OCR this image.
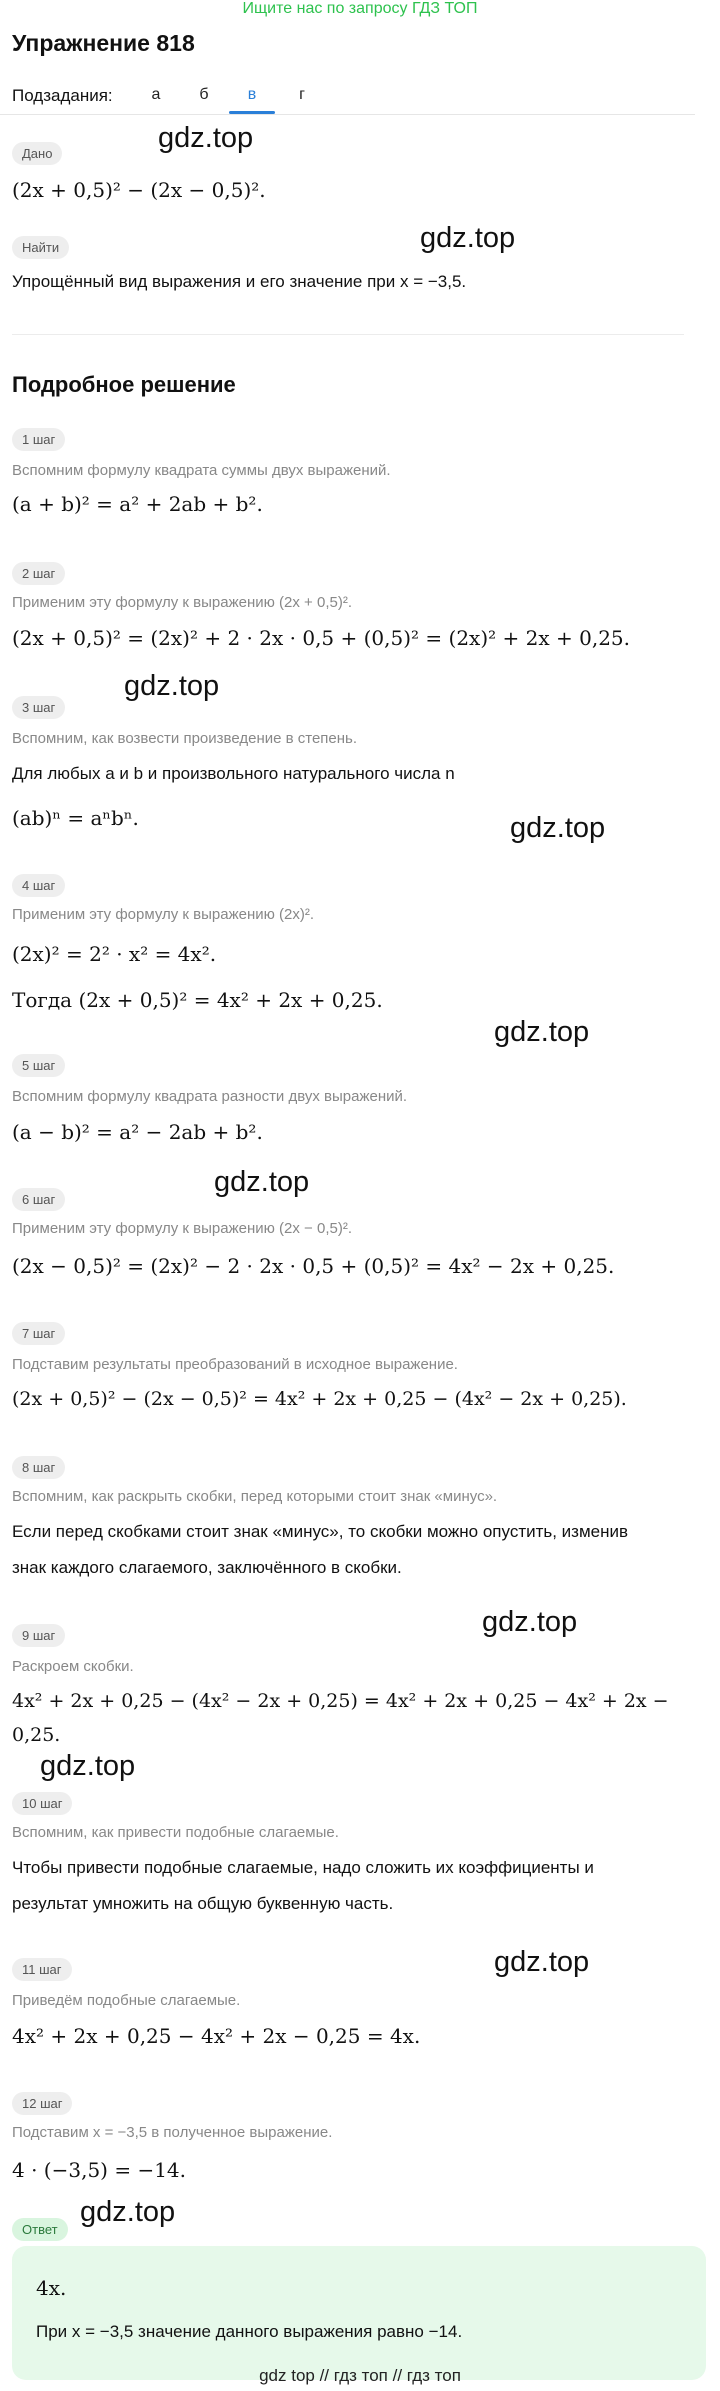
Ищите нас по запросу ГДЗ ТОП
Упражнение 818
Подзадания:	а	б	в	г
Дано
(2x + 0,5)² − (2x − 0,5)².
Найти
Упрощённый вид выражения и его значение при x = −3,5.
Подробное решение
1 шаг
Вспомним формулу квадрата суммы двух выражений.
(a + b)² = a² + 2ab + b².
2 шаг
Применим эту формулу к выражению (2x + 0,5)².
(2x + 0,5)² = (2x)² + 2 · 2x · 0,5 + (0,5)² = (2x)² + 2x + 0,25.
3 шаг
Вспомним, как возвести произведение в степень.
Для любых a и b и произвольного натурального числа n
(ab)ⁿ = aⁿbⁿ.
4 шаг
Применим эту формулу к выражению (2x)².
(2x)² = 2² · x² = 4x².
Тогда (2x + 0,5)² = 4x² + 2x + 0,25.
5 шаг
Вспомним формулу квадрата разности двух выражений.
(a − b)² = a² − 2ab + b².
6 шаг
Применим эту формулу к выражению (2x − 0,5)².
(2x − 0,5)² = (2x)² − 2 · 2x · 0,5 + (0,5)² = 4x² − 2x + 0,25.
7 шаг
Подставим результаты преобразований в исходное выражение.
(2x + 0,5)² − (2x − 0,5)² = 4x² + 2x + 0,25 − (4x² − 2x + 0,25).
8 шаг
Вспомним, как раскрыть скобки, перед которыми стоит знак «минус».
Если перед скобками стоит знак «минус», то скобки можно опустить, изменив
знак каждого слагаемого, заключённого в скобки.
9 шаг
Раскроем скобки.
4x² + 2x + 0,25 − (4x² − 2x + 0,25) = 4x² + 2x + 0,25 − 4x² + 2x −
0,25.
10 шаг
Вспомним, как привести подобные слагаемые.
Чтобы привести подобные слагаемые, надо сложить их коэффициенты и
результат умножить на общую буквенную часть.
11 шаг
Приведём подобные слагаемые.
4x² + 2x + 0,25 − 4x² + 2x − 0,25 = 4x.
12 шаг
Подставим x = −3,5 в полученное выражение.
4 · (−3,5) = −14.
Ответ
4x.
При x = −3,5 значение данного выражения равно −14.
gdz.top
gdz.top
gdz.top
gdz.top
gdz.top
gdz.top
gdz.top
gdz.top
gdz.top
gdz.top
gdz top // гдз топ // гдз топ
